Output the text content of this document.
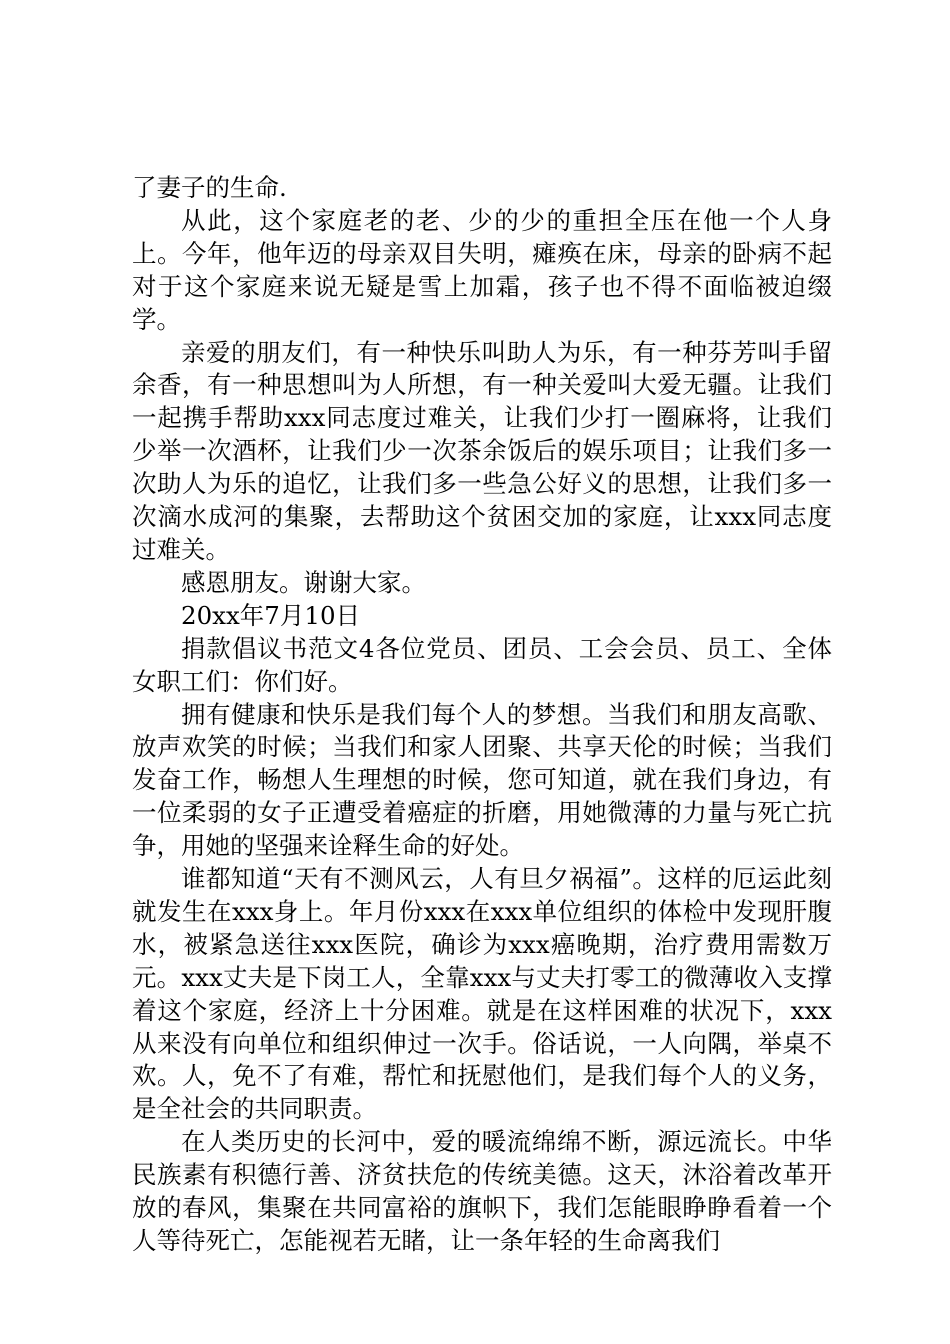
了妻子的生命.

从此，这个家庭老的老、少的少的重担全压在他一个人身上。今年，他年迈的母亲双目失明，瘫痪在床，母亲的卧病不起对于这个家庭来说无疑是雪上加霜，孩子也不得不面临被迫缀学。

亲爱的朋友们，有一种快乐叫助人为乐，有一种芬芳叫手留余香，有一种思想叫为人所想，有一种关爱叫大爱无疆。让我们一起携手帮助xxx同志度过难关，让我们少打一圈麻将，让我们少举一次酒杯，让我们少一次茶余饭后的娱乐项目；让我们多一次助人为乐的追忆，让我们多一些急公好义的思想，让我们多一次滴水成河的集聚，去帮助这个贫困交加的家庭，让xxx同志度过难关。

感恩朋友。谢谢大家。

20xx年7月10日

捐款倡议书范文4各位党员、团员、工会会员、员工、全体女职工们：你们好。

拥有健康和快乐是我们每个人的梦想。当我们和朋友高歌、放声欢笑的时候；当我们和家人团聚、共享天伦的时候；当我们发奋工作，畅想人生理想的时候，您可知道，就在我们身边，有一位柔弱的女子正遭受着癌症的折磨，用她微薄的力量与死亡抗争，用她的坚强来诠释生命的好处。

谁都知道“天有不测风云，人有旦夕祸福”。这样的厄运此刻就发生在xxx身上。年月份xxx在xxx单位组织的体检中发现肝腹水，被紧急送往xxx医院，确诊为xxx癌晚期，治疗费用需数万元。xxx丈夫是下岗工人，全靠xxx与丈夫打零工的微薄收入支撑着这个家庭，经济上十分困难。就是在这样困难的状况下，xxx从来没有向单位和组织伸过一次手。俗话说，一人向隅，举桌不欢。人，免不了有难，帮忙和抚慰他们，是我们每个人的义务，是全社会的共同职责。

在人类历史的长河中，爱的暖流绵绵不断，源远流长。中华民族素有积德行善、济贫扶危的传统美德。这天，沐浴着改革开放的春风，集聚在共同富裕的旗帜下，我们怎能眼睁睁看着一个人等待死亡，怎能视若无睹，让一条年轻的生命离我们
